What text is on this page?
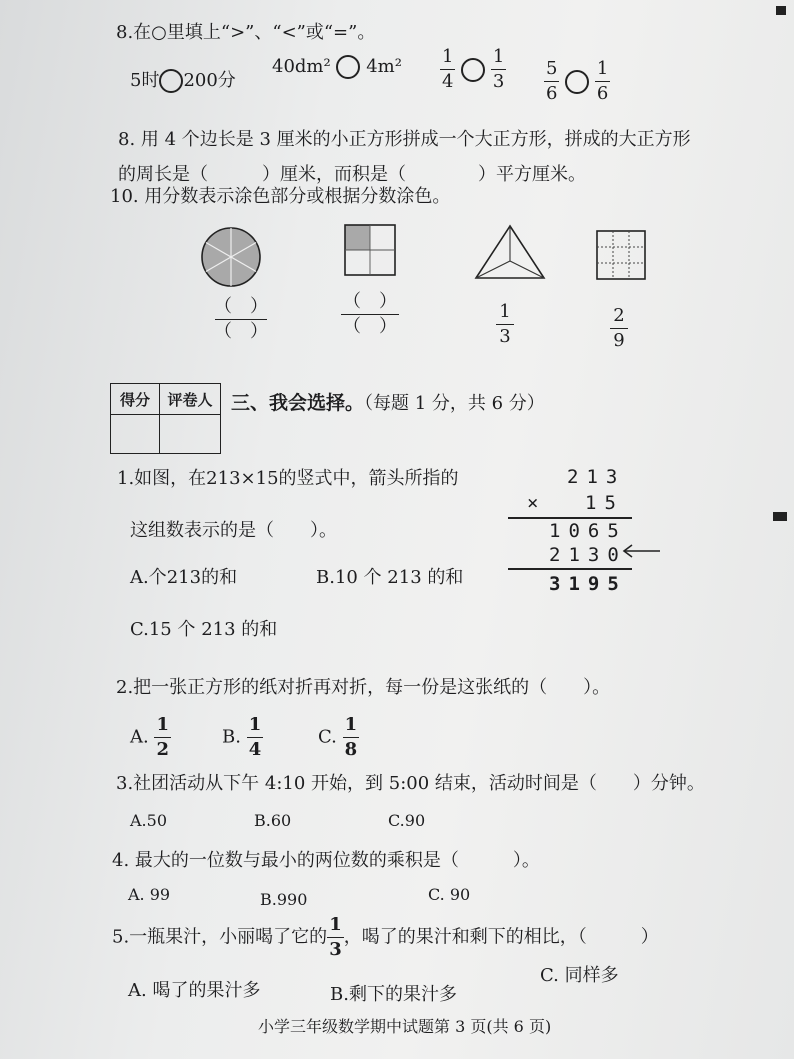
8.在○里填上“>”、“<”或“=”。
5时 200分
40dm² $4m^2 \frac{1}{4}$
$\frac{1}{3} \frac{5}{6}$
$\frac{1}{6}$
8. 用 4 个边长是 3 厘米的小正方形拼成一个大正方形，拼成的大正方形
的周长是（　　　）厘米，而积是（　　　　）平方厘米。
10. 用分数表示涂色部分或根据分数涂色。
$\frac{( )}{( )}$	$\frac{( )}{( )}$	$\frac{1}{3}$	$\frac{2}{9}$
得分	评卷人
	三、我会选择。（每题 1 分，共 6 分）
1.如图，在213×15的竖式中，箭头所指的
这组数表示的是（　　）。
A.个213的和	B.10 个 213 的和
C.15 个 213 的和
213
× 15
1065
2130
3195
2.把一张正方形的纸对折再对折，每一份是这张纸的（　　）。
A. $\frac{1}{2}$	B. $\frac{1}{4}$	C. $\frac{1}{8}$
3.社团活动从下午 4:10 开始，到 5:00 结束，活动时间是（　　）分钟。
A.50	B.60	C.90
4. 最大的一位数与最小的两位数的乘积是（　　　）。
A. 99	B.990	C. 90
5.一瓶果汁，小丽喝了它的 $\frac{1}{3}$ ，喝了的果汁和剩下的相比，（　　　）
A. 喝了的果汁多	B.剩下的果汁多
C. 同样多
小学三年级数学期中试题第 3 页(共 6 页)
